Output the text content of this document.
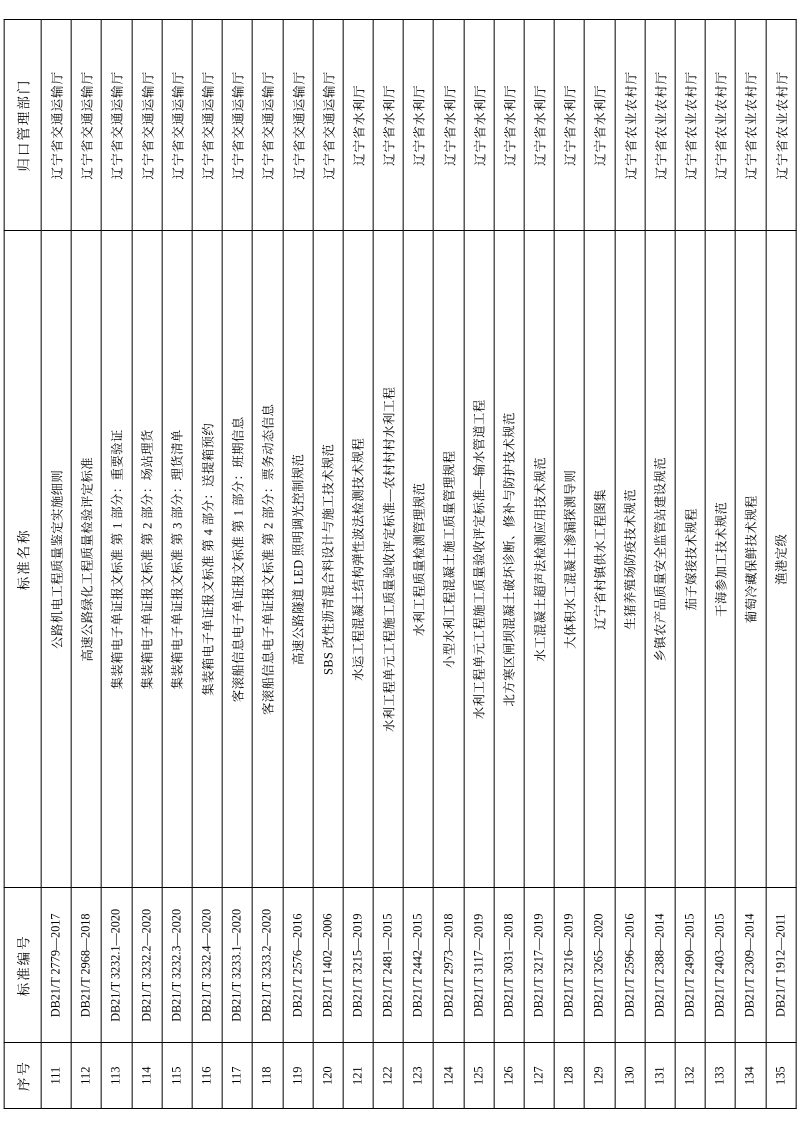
序号	标准编号	标准名称	归口管理部门
111	DB21/T 2779—2017	公路机电工程质量鉴定实施细则	辽宁省交通运输厅
112	DB21/T 2968—2018	高速公路绿化工程质量检验评定标准	辽宁省交通运输厅
113	DB21/T 3232.1—2020	集装箱电子单证报文标准 第 1 部分：重要验证	辽宁省交通运输厅
114	DB21/T 3232.2—2020	集装箱电子单证报文标准 第 2 部分：场站理货	辽宁省交通运输厅
115	DB21/T 3232.3—2020	集装箱电子单证报文标准 第 3 部分：理货清单	辽宁省交通运输厅
116	DB21/T 3232.4—2020	集装箱电子单证报文标准 第 4 部分：送提箱预约	辽宁省交通运输厅
117	DB21/T 3233.1—2020	客滚船信息电子单证报文标准 第 1 部分：班期信息	辽宁省交通运输厅
118	DB21/T 3233.2—2020	客滚船信息电子单证报文标准 第 2 部分：票务动态信息	辽宁省交通运输厅
119	DB21/T 2576—2016	高速公路隧道 LED 照明调光控制规范	辽宁省交通运输厅
120	DB21/T 1402—2006	SBS 改性沥青混合料设计与施工技术规范	辽宁省交通运输厅
121	DB21/T 3215—2019	水运工程混凝土结构弹性波法检测技术规程	辽宁省水利厅
122	DB21/T 2481—2015	水利工程单元工程施工质量验收评定标准—农村村村水利工程	辽宁省水利厅
123	DB21/T 2442—2015	水利工程质量检测管理规范	辽宁省水利厅
124	DB21/T 2973—2018	小型水利工程混凝土施工质量管理规程	辽宁省水利厅
125	DB21/T 3117—2019	水利工程单元工程施工质量验收评定标准—输水管道工程	辽宁省水利厅
126	DB21/T 3031—2018	北方寒区闸坝混凝土破坏诊断、修补与防护技术规范	辽宁省水利厅
127	DB21/T 3217—2019	水工混凝土超声法检测应用技术规范	辽宁省水利厅
128	DB21/T 3216—2019	大体积水工混凝土渗漏探测导则	辽宁省水利厅
129	DB21/T 3265—2020	辽宁省村镇供水工程图集	辽宁省水利厅
130	DB21/T 2596—2016	生猪养殖场防疫技术规范	辽宁省农业农村厅
131	DB21/T 2388—2014	乡镇农产品质量安全监管站建设规范	辽宁省农业农村厅
132	DB21/T 2490—2015	茄子嫁接技术规程	辽宁省农业农村厅
133	DB21/T 2403—2015	干海参加工技术规范	辽宁省农业农村厅
134	DB21/T 2309—2014	葡萄冷藏保鲜技术规程	辽宁省农业农村厅
135	DB21/T 1912—2011	渔港定级	辽宁省农业农村厅
